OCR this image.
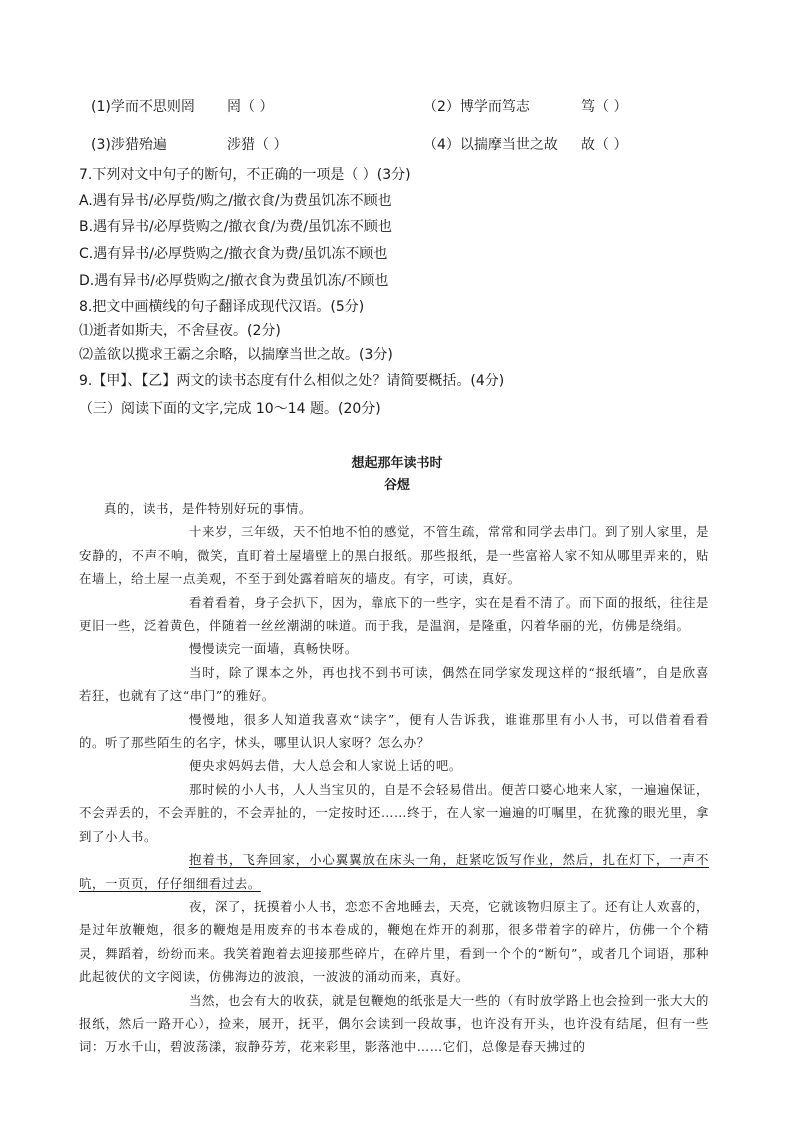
(1)学而不思则罔 罔（ ）	（2）博学而笃志	笃（ ）
(3)涉猎殆遍	涉猎（ ）	（4）以揣摩当世之故 故（ ）
7.下列对文中句子的断句，不正确的一项是（ ）(3分)
A.遇有异书/必厚赀/购之/撤衣食/为费虽饥冻不顾也
B.遇有异书/必厚赀购之/撤衣食/为费/虽饥冻不顾也
C.遇有异书/必厚赀购之/撤衣食为费/虽饥冻不顾也
D.遇有异书/必厚赀购之/撤衣食为费虽饥冻/不顾也
8.把文中画横线的句子翻译成现代汉语。(5分)
⑴逝者如斯夫，不舍昼夜。(2分)
⑵盖欲以揽求王霸之余略，以揣摩当世之故。(3分)
9.【甲】、【乙】两文的读书态度有什么相似之处？请简要概括。(4分)
（三）阅读下面的文字,完成 10～14 题。(20分)
想起那年读书时
谷煜

真的，读书，是件特别好玩的事情。

十来岁，三年级，天不怕地不怕的感觉，不管生疏，常常和同学去串门。到了别人家里，是安静的，不声不响，微笑，直盯着土屋墙壁上的黑白报纸。那些报纸，是一些富裕人家不知从哪里弄来的，贴在墙上，给土屋一点美观，不至于到处露着暗灰的墙皮。有字，可读，真好。

看着看着，身子会扒下，因为，靠底下的一些字，实在是看不清了。而下面的报纸，往往是更旧一些，泛着黄色，伴随着一丝丝潮湖的味道。而于我，是温润，是隆重，闪着华丽的光，仿佛是绕绢。

慢慢读完一面墙，真畅快呀。

当时，除了课本之外，再也找不到书可读，偶然在同学家发现这样的“报纸墙”，自是欣喜若狂，也就有了这“串门”的雅好。

慢慢地，很多人知道我喜欢“读字”，便有人告诉我，谁谁那里有小人书，可以借着看看的。听了那些陌生的名字，怵头，哪里认识人家呀？怎么办？

便央求妈妈去借，大人总会和人家说上话的吧。

那时候的小人书，人人当宝贝的，自是不会轻易借出。便苦口婆心地来人家，一遍遍保证，不会弄丢的，不会弄脏的，不会弄扯的，一定按时还……终于，在人家一遍遍的叮嘱里，在犹豫的眼光里，拿到了小人书。

抱着书，飞奔回家，小心翼翼放在床头一角，赶紧吃饭写作业，然后，扎在灯下，一声不吭，一页页，仔仔细细看过去。

夜，深了，抚摸着小人书，恋恋不舍地睡去，天亮，它就该物归原主了。还有让人欢喜的，是过年放鞭炮，很多的鞭炮是用废弃的书本卷成的，鞭炮在炸开的刹那，很多带着字的碎片，仿佛一个个精灵，舞蹈着，纷纷而来。我笑着跑着去迎接那些碎片，在碎片里，看到一个个的“断句”，或者几个词语，那种此起彼伏的文字阅读，仿佛海边的波浪，一波波的涌动而来，真好。

当然，也会有大的收获，就是包鞭炮的纸张是大一些的（有时放学路上也会捡到一张大大的报纸，然后一路开心），捡来，展开，抚平，偶尔会读到一段故事，也许没有开头，也许没有结尾，但有一些词：万水千山，碧波荡漾，寂静芬芳，花来彩里，影落池中……它们，总像是春天拂过的
